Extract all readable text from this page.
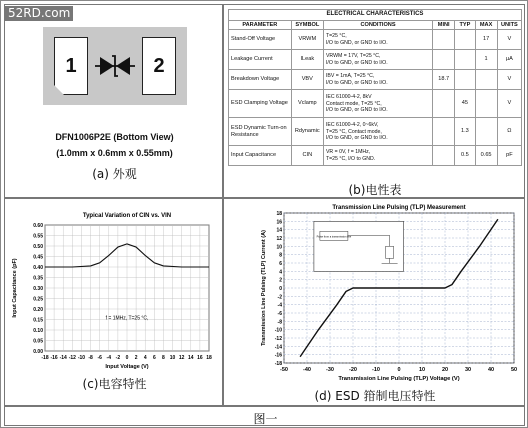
52RD.com
1	2
DFN1006P2E (Bottom View)
(1.0mm x 0.6mm x 0.55mm)
(a) 外观
ELECTRICAL CHARACTERISTICS						
PARAMETER	SYMBOL	CONDITIONS	MINI	TYP	MAX	UNITS
Stand-Off Voltage	VRWM	T=25 °C,
I/O to GND, or GND to I/O.			17	V
Leakage Current	ILeak	VRWM = 17V, T=25 °C,
I/O to GND, or GND to I/O.			1	µA
Breakdown Voltage	VBV	IBV = 1mA, T=25 °C,
I/O to GND, or GND to I/O.	18.7			V
ESD Clamping Voltage	Vclamp	IEC 61000-4-2, 8kV
Contact mode, T=25 °C,
I/O to GND, or GND to I/O.		45		V
ESD Dynamic Turn-on Resistance	Rdynamic	IEC 61000-4-2, 0~6kV,
T=25 °C, Contact mode,
I/O to GND, or GND to I/O.		1.3		Ω
Input Capacitance	CIN	VR = 0V, f = 1MHz,
T=25 °C, I/O to GND.		0.5	0.65	pF
(b)电性表
0.00
0.05
0.10
0.15
0.20
0.25
0.30
0.35
0.40
0.45
0.50
0.55
0.60
-18 -16 -14 -12 -10 -8 -6 -4 -2 0 2 4 6 8 10 12 14 16 18
Typical Variation of CIN vs. VIN
Input Voltage (V)
Input Capacitance (pF)
f = 1MHz, T=25 °C,
(c)电容特性
-18
-16
-14
-12
-10
-8
-6
-4
-2
0
2
4
6
8
10
12
14
16
18
-50	-40	-30	-20	-10	0	10	20	30	40	50
Transmission Line Pulsing (TLP) Measurement
Transmission Line Pulsing (TLP) Voltage (V)
Transmission Line Pulsing (TLP) Current (A)	Pulse from a transmission line
(d) ESD 箝制电压特性
图一
